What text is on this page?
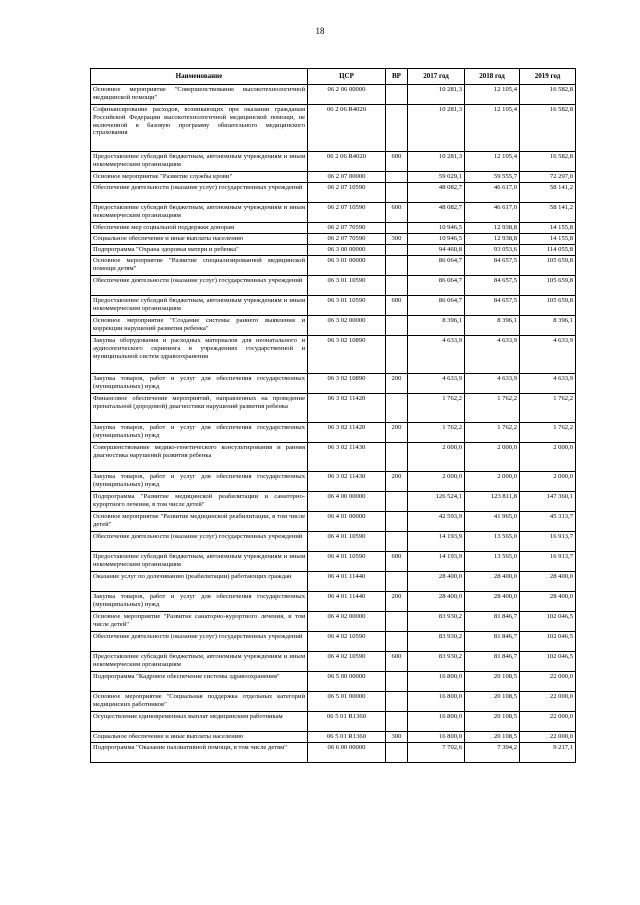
18
Наименование	ЦСР	ВР	2017 год	2018 год	2019 год
Основное мероприятие "Совершенствование высокотехнологичной медицинской помощи"	06 2 06 00000		10 281,3	12 105,4	16 582,8
Софинансирование расходов, возникающих при оказании гражданам Российской Федерации высокотехнологичной медицинской помощи, не включенной в базовую программу обязательного медицинского страхования	06 2 06 R4020		10 281,3	12 105,4	16 582,8
Предоставление субсидий бюджетным, автономным учреждениям и иным некоммерческим организациям	06 2 06 R4020	600	10 281,3	12 105,4	16 582,8
Основное мероприятие "Развитие службы крови"	06 2 07 00000		59 029,1	59 555,7	72 297,0
Обеспечение деятельности (оказание услуг) государственных учреждений	06 2 07 10590		48 082,7	46 617,0	58 141,2
Предоставление субсидий бюджетным, автономным учреждениям и иным некоммерческим организациям	06 2 07 10590	600	48 082,7	46 617,0	58 141,2
Обеспечение мер социальной поддержки донорам	06 2 07 70590		10 946,5	12 938,8	14 155,8
Социальное обеспечение и иные выплаты населению	06 2 07 70590	300	10 946,5	12 938,8	14 155,8
Подпрограмма "Охрана здоровья матери и ребенка"	06 3 00 00000		94 460,8	93 053,6	114 055,8
Основное мероприятие "Развитие специализированной медицинской помощи детям"	06 3 01 00000		86 064,7	84 657,5	105 659,8
Обеспечение деятельности (оказание услуг) государственных учреждений	06 3 01 10590		86 064,7	84 657,5	105 659,8
Предоставление субсидий бюджетным, автономным учреждениям и иным некоммерческим организациям	06 3 01 10590	600	86 064,7	84 657,5	105 659,8
Основное мероприятие "Создание системы раннего выявления и коррекции нарушений развития ребенка"	06 3 02 00000		8 396,1	8 396,1	8 396,1
Закупка оборудования и расходных материалов для неонатального и аудиологического скрининга в учреждениях государственной и муниципальной систем здравоохранения	06 3 02 10890		4 633,9	4 633,9	4 633,9
Закупка товаров, работ и услуг для обеспечения государственных (муниципальных) нужд	06 3 02 10890	200	4 633,9	4 633,9	4 633,9
Финансовое обеспечение мероприятий, направленных на проведение пренатальной (дородовой) диагностики нарушений развития ребенка	06 3 02 11420		1 762,2	1 762,2	1 762,2
Закупка товаров, работ и услуг для обеспечения государственных (муниципальных) нужд	06 3 02 11420	200	1 762,2	1 762,2	1 762,2
Совершенствование медико-генетического консультирования и ранняя диагностика нарушений развития ребенка	06 3 02 11430		2 000,0	2 000,0	2 000,0
Закупка товаров, работ и услуг для обеспечения государственных (муниципальных) нужд	06 3 02 11430	200	2 000,0	2 000,0	2 000,0
Подпрограмма "Развитие медицинской реабилитации и санаторно-курортного лечения, в том числе детей"	06 4 00 00000		126 524,1	123 811,8	147 360,1
Основное мероприятие "Развитие медицинской реабилитации, в том числе детей"	06 4 01 00000		42 593,9	41 965,0	45 313,7
Обеспечение деятельности (оказание услуг) государственных учреждений	06 4 01 10590		14 193,9	13 565,0	16 913,7
Предоставление субсидий бюджетным, автономным учреждениям и иным некоммерческим организациям	06 4 01 10590	600	14 193,9	13 565,0	16 913,7
Оказание услуг по долечиванию (реабилитации) работающих граждан	06 4 01 11440		28 400,0	28 400,0	28 400,0
Закупка товаров, работ и услуг для обеспечения государственных (муниципальных) нужд	06 4 01 11440	200	28 400,0	28 400,0	28 400,0
Основное мероприятие "Развитие санаторно-курортного лечения, в том числе детей"	06 4 02 00000		83 930,2	81 846,7	102 046,5
Обеспечение деятельности (оказание услуг) государственных учреждений	06 4 02 10590		83 930,2	81 846,7	102 046,5
Предоставление субсидий бюджетным, автономным учреждениям и иным некоммерческим организациям	06 4 02 10590	600	83 930,2	81 846,7	102 046,5
Подпрограмма "Кадровое обеспечение системы здравоохранения"	06 5 00 00000		16 800,0	20 108,5	22 000,0
Основное мероприятие "Социальная поддержка отдельных категорий медицинских работников"	06 5 01 00000		16 800,0	20 108,5	22 000,0
Осуществление единовременных выплат медицинским работникам	06 5 01 R1360		16 800,0	20 108,5	22 000,0
Социальное обеспечение и иные выплаты населению	06 5 01 R1360	300	16 800,0	20 108,5	22 000,0
Подпрограмма "Оказание паллиативной помощи, в том числе детям"	06 6 00 00000		7 702,6	7 394,2	9 217,1
